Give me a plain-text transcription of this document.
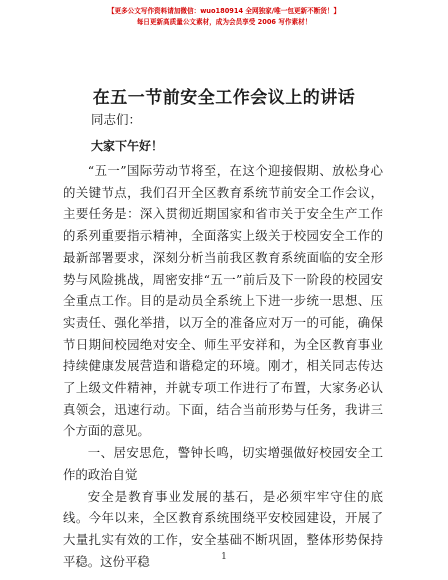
【更多公文写作资料请加微信：wuo180914 全网独家/唯一包更新不断货！】
每日更新高质量公文素材，成为会员享受 2006 写作素材！
在五一节前安全工作会议上的讲话
同志们：
大家下午好！

“五一”国际劳动节将至，在这个迎接假期、放松身心的关键节点，我们召开全区教育系统节前安全工作会议，主要任务是：深入贯彻近期国家和省市关于安全生产工作的系列重要指示精神，全面落实上级关于校园安全工作的最新部署要求，深刻分析当前我区教育系统面临的安全形势与风险挑战，周密安排“五一”前后及下一阶段的校园安全重点工作。目的是动员全系统上下进一步统一思想、压实责任、强化举措，以万全的准备应对万一的可能，确保节日期间校园绝对安全、师生平安祥和，为全区教育事业持续健康发展营造和谐稳定的环境。刚才，相关同志传达了上级文件精神，并就专项工作进行了布置，大家务必认真领会，迅速行动。下面，结合当前形势与任务，我讲三个方面的意见。

一、居安思危，警钟长鸣，切实增强做好校园安全工作的政治自觉

安全是教育事业发展的基石，是必须牢牢守住的底线。今年以来，全区教育系统围绕平安校园建设，开展了大量扎实有效的工作，安全基础不断巩固，整体形势保持平稳。这份平稳	1
